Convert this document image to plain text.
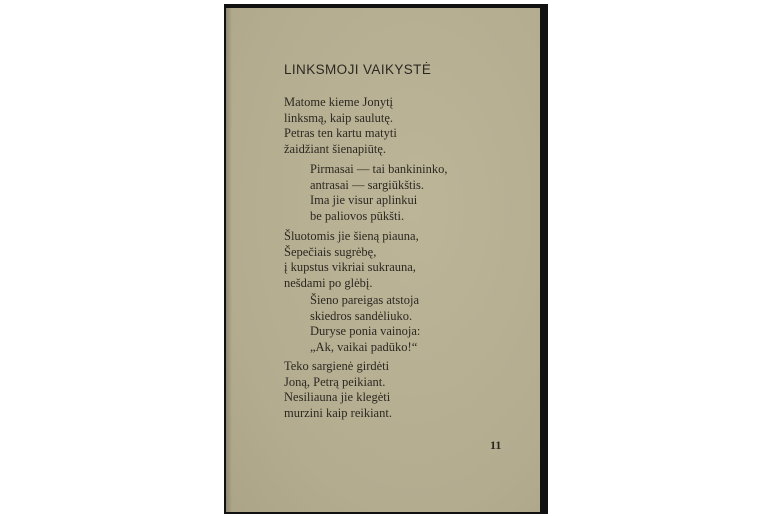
LINKSMOJI VAIKYSTĖ
Matome kieme Jonytį
linksmą, kaip saulutę.
Petras ten kartu matyti
žaidžiant šienapiūtę.
Pirmasai — tai bankininko,
antrasai — sargiūkštis.
Ima jie visur aplinkui
be paliovos pūkšti.
Šluotomis jie šieną piauna,
Šepečiais sugrėbę,
į kupstus vikriai sukrauna,
nešdami po glėbį.
Šieno pareigas atstoja
skiedros sandėliuko.
Duryse poniа vainoja:
„Ak, vaikai padūko!“
Teko sargienė girdėti
Joną, Petrą peikiant.
Nesiliauna jie klegėti
murzini kaip reikiant.
11
